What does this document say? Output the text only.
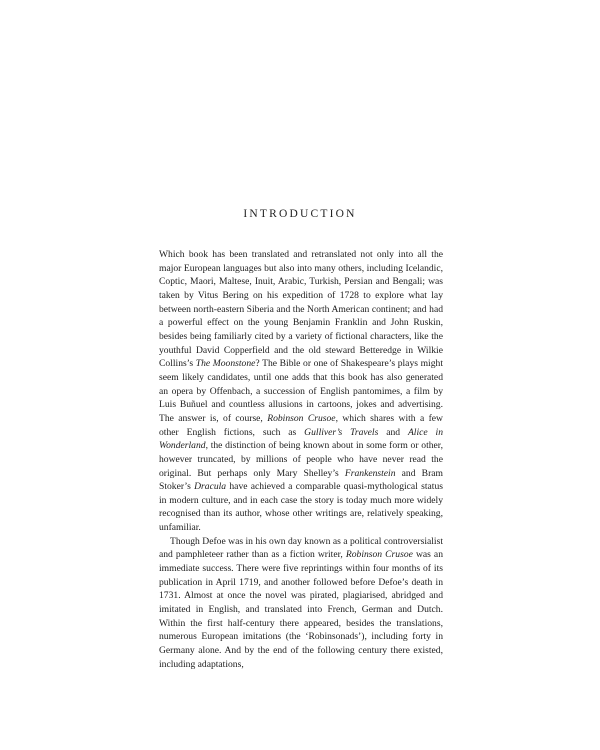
INTRODUCTION

Which book has been translated and retranslated not only into all the major European languages but also into many others, including Icelandic, Coptic, Maori, Maltese, Inuit, Arabic, Turkish, Persian and Bengali; was taken by Vitus Bering on his expedition of 1728 to explore what lay between north-eastern Siberia and the North American continent; and had a powerful effect on the young Benjamin Franklin and John Ruskin, besides being familiarly cited by a variety of fictional characters, like the youthful David Copperfield and the old steward Betteredge in Wilkie Collins’s The Moonstone? The Bible or one of Shakespeare’s plays might seem likely candidates, until one adds that this book has also generated an opera by Offenbach, a succession of English pantomimes, a film by Luis Buñuel and countless allusions in cartoons, jokes and advertising. The answer is, of course, Robinson Crusoe, which shares with a few other English fictions, such as Gulliver’s Travels and Alice in Wonderland, the distinction of being known about in some form or other, however truncated, by millions of people who have never read the original. But perhaps only Mary Shelley’s Frankenstein and Bram Stoker’s Dracula have achieved a comparable quasi-mythological status in modern culture, and in each case the story is today much more widely recognised than its author, whose other writings are, relatively speaking, unfamiliar.

Though Defoe was in his own day known as a political controversialist and pamphleteer rather than as a fiction writer, Robinson Crusoe was an immediate success. There were five reprintings within four months of its publication in April 1719, and another followed before Defoe’s death in 1731. Almost at once the novel was pirated, plagiarised, abridged and imitated in English, and translated into French, German and Dutch. Within the first half-century there appeared, besides the translations, numerous European imitations (the ‘Robinsonads’), including forty in Germany alone. And by the end of the following century there existed, including adaptations,
